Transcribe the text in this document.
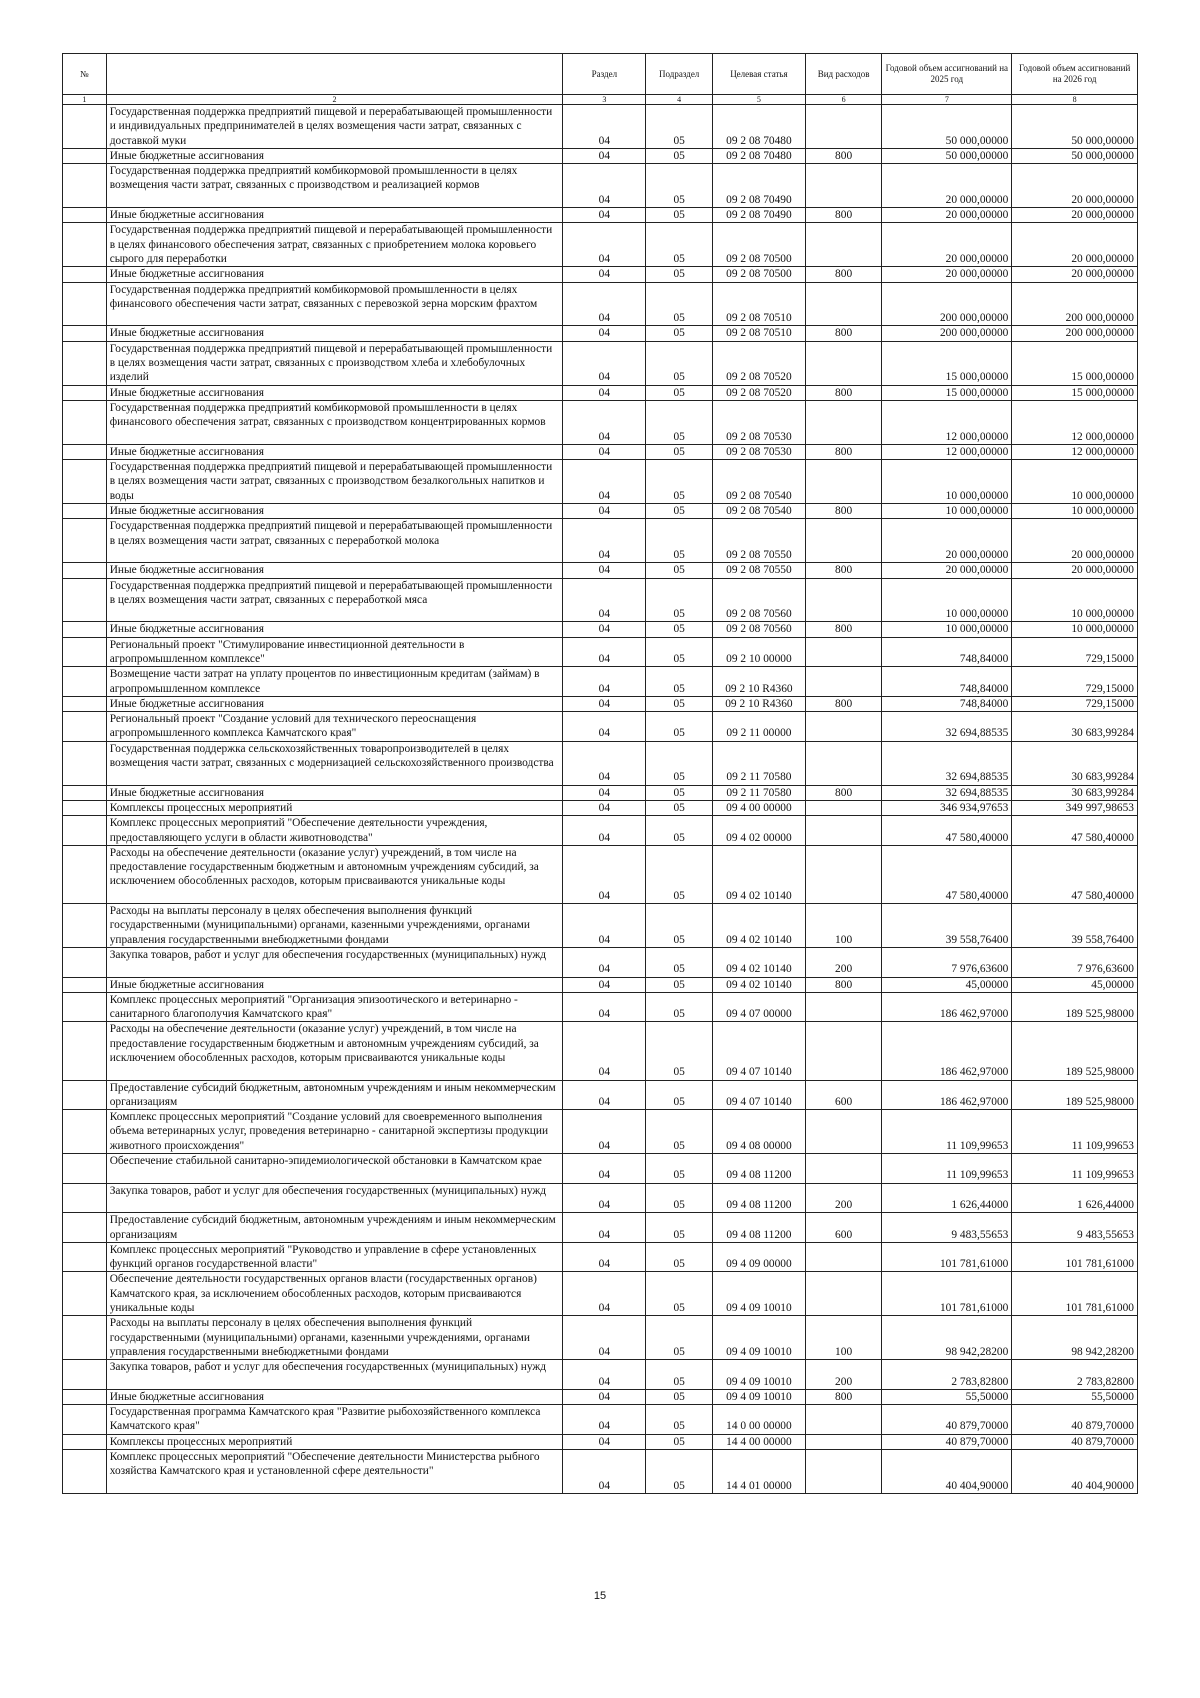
№		Раздел	Подраздел	Целевая статья	Вид расходов	Годовой объем ассигнований на 2025 год	Годовой объем ассигнований на 2026 год
1	2	3	4	5	6	7	8
	Государственная поддержка предприятий пищевой и перерабатывающей промышленности и индивидуальных предпринимателей в целях возмещения части затрат, связанных с доставкой муки	04	05	09 2 08 70480		50 000,00000	50 000,00000
	Иные бюджетные ассигнования	04	05	09 2 08 70480	800	50 000,00000	50 000,00000
	Государственная поддержка предприятий комбикормовой промышленности в целях возмещения части затрат, связанных с производством и реализацией кормов	04	05	09 2 08 70490		20 000,00000	20 000,00000
	Иные бюджетные ассигнования	04	05	09 2 08 70490	800	20 000,00000	20 000,00000
	Государственная поддержка предприятий пищевой и перерабатывающей промышленности в целях финансового обеспечения затрат, связанных с приобретением молока коровьего сырого для переработки	04	05	09 2 08 70500		20 000,00000	20 000,00000
	Иные бюджетные ассигнования	04	05	09 2 08 70500	800	20 000,00000	20 000,00000
	Государственная поддержка предприятий комбикормовой промышленности в целях финансового обеспечения части затрат, связанных с перевозкой зерна морским фрахтом	04	05	09 2 08 70510		200 000,00000	200 000,00000
	Иные бюджетные ассигнования	04	05	09 2 08 70510	800	200 000,00000	200 000,00000
	Государственная поддержка предприятий пищевой и перерабатывающей промышленности в целях возмещения части затрат, связанных с производством хлеба и хлебобулочных изделий	04	05	09 2 08 70520		15 000,00000	15 000,00000
	Иные бюджетные ассигнования	04	05	09 2 08 70520	800	15 000,00000	15 000,00000
	Государственная поддержка предприятий комбикормовой промышленности в целях финансового обеспечения затрат, связанных с производством концентрированных кормов	04	05	09 2 08 70530		12 000,00000	12 000,00000
	Иные бюджетные ассигнования	04	05	09 2 08 70530	800	12 000,00000	12 000,00000
	Государственная поддержка предприятий пищевой и перерабатывающей промышленности в целях возмещения части затрат, связанных с производством безалкогольных напитков и воды	04	05	09 2 08 70540		10 000,00000	10 000,00000
	Иные бюджетные ассигнования	04	05	09 2 08 70540	800	10 000,00000	10 000,00000
	Государственная поддержка предприятий пищевой и перерабатывающей промышленности в целях возмещения части затрат, связанных с переработкой молока	04	05	09 2 08 70550		20 000,00000	20 000,00000
	Иные бюджетные ассигнования	04	05	09 2 08 70550	800	20 000,00000	20 000,00000
	Государственная поддержка предприятий пищевой и перерабатывающей промышленности в целях возмещения части затрат, связанных с переработкой мяса	04	05	09 2 08 70560		10 000,00000	10 000,00000
	Иные бюджетные ассигнования	04	05	09 2 08 70560	800	10 000,00000	10 000,00000
	Региональный проект "Стимулирование инвестиционной деятельности в агропромышленном комплексе"	04	05	09 2 10 00000		748,84000	729,15000
	Возмещение части затрат на уплату процентов по инвестиционным кредитам (займам) в агропромышленном комплексе	04	05	09 2 10 R4360		748,84000	729,15000
	Иные бюджетные ассигнования	04	05	09 2 10 R4360	800	748,84000	729,15000
	Региональный проект "Создание условий для технического переоснащения агропромышленного комплекса Камчатского края"	04	05	09 2 11 00000		32 694,88535	30 683,99284
	Государственная поддержка сельскохозяйственных товаропроизводителей в целях возмещения части затрат, связанных с модернизацией сельскохозяйственного производства	04	05	09 2 11 70580		32 694,88535	30 683,99284
	Иные бюджетные ассигнования	04	05	09 2 11 70580	800	32 694,88535	30 683,99284
	Комплексы процессных мероприятий	04	05	09 4 00 00000		346 934,97653	349 997,98653
	Комплекс процессных мероприятий "Обеспечение деятельности учреждения, предоставляющего услуги в области животноводства"	04	05	09 4 02 00000		47 580,40000	47 580,40000
	Расходы на обеспечение деятельности (оказание услуг) учреждений, в том числе на предоставление государственным бюджетным и автономным учреждениям субсидий, за исключением обособленных расходов, которым присваиваются уникальные коды	04	05	09 4 02 10140		47 580,40000	47 580,40000
	Расходы на выплаты персоналу в целях обеспечения выполнения функций государственными (муниципальными) органами, казенными учреждениями, органами управления государственными внебюджетными фондами	04	05	09 4 02 10140	100	39 558,76400	39 558,76400
	Закупка товаров, работ и услуг для обеспечения государственных (муниципальных) нужд	04	05	09 4 02 10140	200	7 976,63600	7 976,63600
	Иные бюджетные ассигнования	04	05	09 4 02 10140	800	45,00000	45,00000
	Комплекс процессных мероприятий "Организация эпизоотического и ветеринарно - санитарного благополучия Камчатского края"	04	05	09 4 07 00000		186 462,97000	189 525,98000
	Расходы на обеспечение деятельности (оказание услуг) учреждений, в том числе на предоставление государственным бюджетным и автономным учреждениям субсидий, за исключением обособленных расходов, которым присваиваются уникальные коды	04	05	09 4 07 10140		186 462,97000	189 525,98000
	Предоставление субсидий бюджетным, автономным учреждениям и иным некоммерческим организациям	04	05	09 4 07 10140	600	186 462,97000	189 525,98000
	Комплекс процессных мероприятий "Создание условий для своевременного выполнения объема ветеринарных услуг, проведения ветеринарно - санитарной экспертизы продукции животного происхождения"	04	05	09 4 08 00000		11 109,99653	11 109,99653
	Обеспечение стабильной санитарно-эпидемиологической обстановки в Камчатском крае	04	05	09 4 08 11200		11 109,99653	11 109,99653
	Закупка товаров, работ и услуг для обеспечения государственных (муниципальных) нужд	04	05	09 4 08 11200	200	1 626,44000	1 626,44000
	Предоставление субсидий бюджетным, автономным учреждениям и иным некоммерческим организациям	04	05	09 4 08 11200	600	9 483,55653	9 483,55653
	Комплекс процессных мероприятий "Руководство и управление в сфере установленных функций органов государственной власти"	04	05	09 4 09 00000		101 781,61000	101 781,61000
	Обеспечение деятельности государственных органов власти (государственных органов) Камчатского края, за исключением обособленных расходов, которым присваиваются уникальные коды	04	05	09 4 09 10010		101 781,61000	101 781,61000
	Расходы на выплаты персоналу в целях обеспечения выполнения функций государственными (муниципальными) органами, казенными учреждениями, органами управления государственными внебюджетными фондами	04	05	09 4 09 10010	100	98 942,28200	98 942,28200
	Закупка товаров, работ и услуг для обеспечения государственных (муниципальных) нужд	04	05	09 4 09 10010	200	2 783,82800	2 783,82800
	Иные бюджетные ассигнования	04	05	09 4 09 10010	800	55,50000	55,50000
	Государственная программа Камчатского края "Развитие рыбохозяйственного комплекса Камчатского края"	04	05	14 0 00 00000		40 879,70000	40 879,70000
	Комплексы процессных мероприятий	04	05	14 4 00 00000		40 879,70000	40 879,70000
	Комплекс процессных мероприятий "Обеспечение деятельности Министерства рыбного хозяйства Камчатского края и установленной сфере деятельности"	04	05	14 4 01 00000		40 404,90000	40 404,90000
15
